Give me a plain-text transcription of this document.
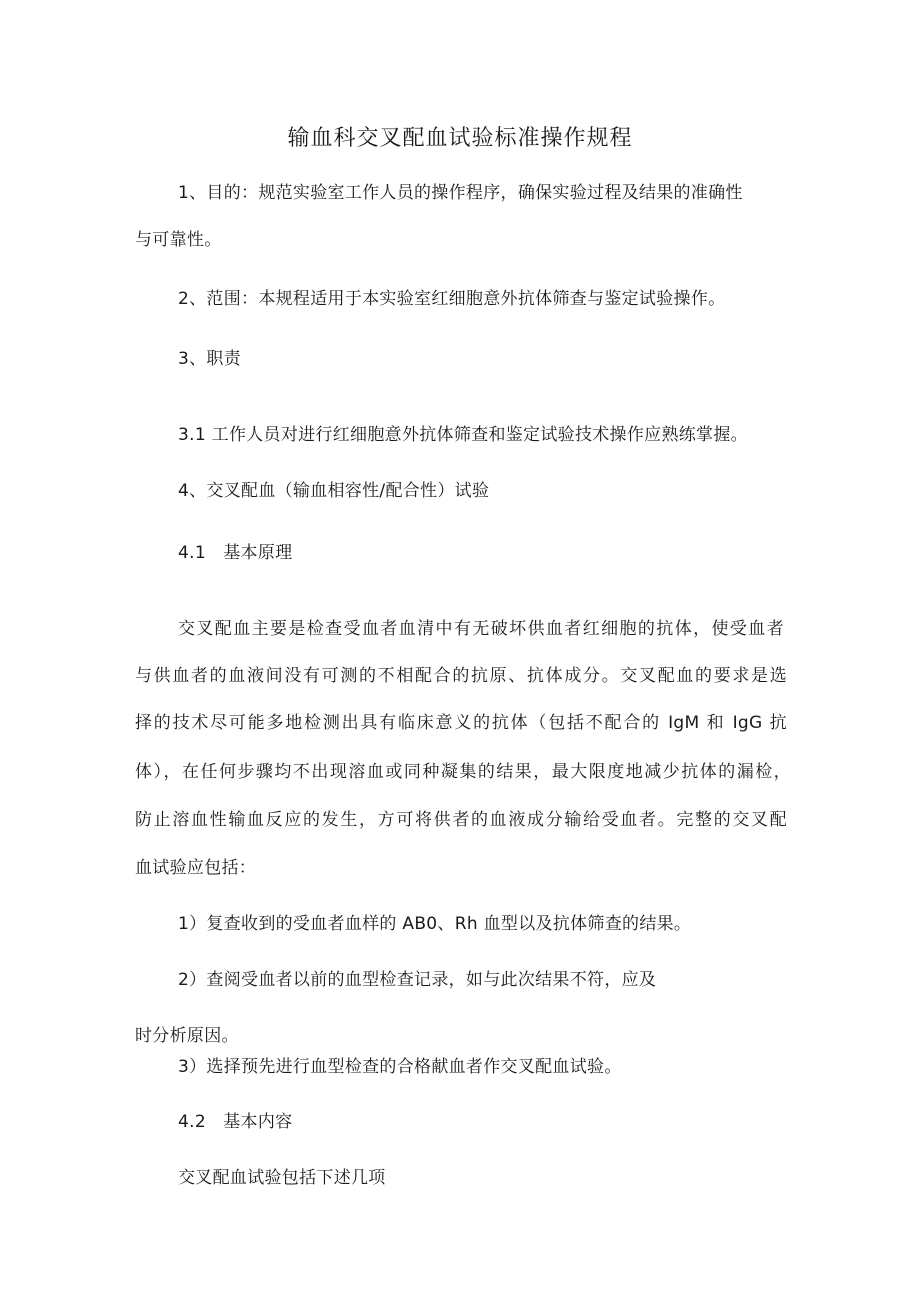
输血科交叉配血试验标准操作规程
1、目的：规范实验室工作人员的操作程序，确保实验过程及结果的准确性
与可靠性。
2、范围：本规程适用于本实验室红细胞意外抗体筛查与鉴定试验操作。
3、职责
3.1 工作人员对进行红细胞意外抗体筛查和鉴定试验技术操作应熟练掌握。
4、交叉配血（输血相容性/配合性）试验
4.1　基本原理
交叉配血主要是检查受血者血清中有无破坏供血者红细胞的抗体，使受血者
与供血者的血液间没有可测的不相配合的抗原、抗体成分。交叉配血的要求是选
择的技术尽可能多地检测出具有临床意义的抗体（包括不配合的 IgM 和 IgG 抗
体），在任何步骤均不出现溶血或同种凝集的结果，最大限度地减少抗体的漏检，
防止溶血性输血反应的发生，方可将供者的血液成分输给受血者。完整的交叉配
血试验应包括：
1）复查收到的受血者血样的 AB0、Rh 血型以及抗体筛查的结果。
2）查阅受血者以前的血型检查记录，如与此次结果不符，应及
时分析原因。
3）选择预先进行血型检查的合格献血者作交叉配血试验。
4.2　基本内容
交叉配血试验包括下述几项
